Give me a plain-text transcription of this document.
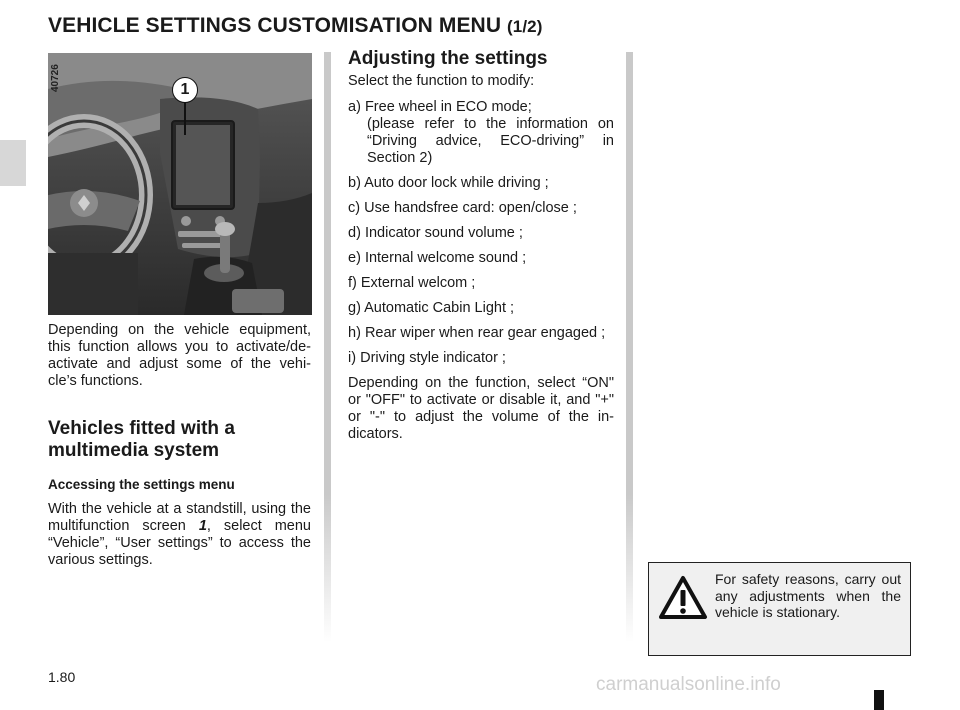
VEHICLE SETTINGS CUSTOMISATION MENU (1/2)
1
40726

Depending on the vehicle equipment, this function allows you to activate/de-activate and adjust some of the vehi-cle’s functions.

Vehicles fitted with a multimedia system
Accessing the settings menu

With the vehicle at a standstill, using the multifunction screen 1, select menu “Vehicle”, “User settings” to access the various settings.

Adjusting the settings

Select the function to modify:

a) Free wheel in ECO mode;
(please refer to the information on “Driving advice, ECO-driving” in Section 2)
b) Auto door lock while driving ;
c) Use handsfree card: open/close ;
d) Indicator sound volume ;
e) Internal welcome sound ;
f) External welcom ;
g) Automatic Cabin Light ;
h) Rear wiper when rear gear engaged ;
i) Driving style indicator ;

Depending on the function, select “ON" or "OFF" to activate or disable it, and "+" or "-" to adjust the volume of the in-dicators.

For safety reasons, carry out any adjustments when the vehicle is stationary.
1.80	carmanualsonline.info
